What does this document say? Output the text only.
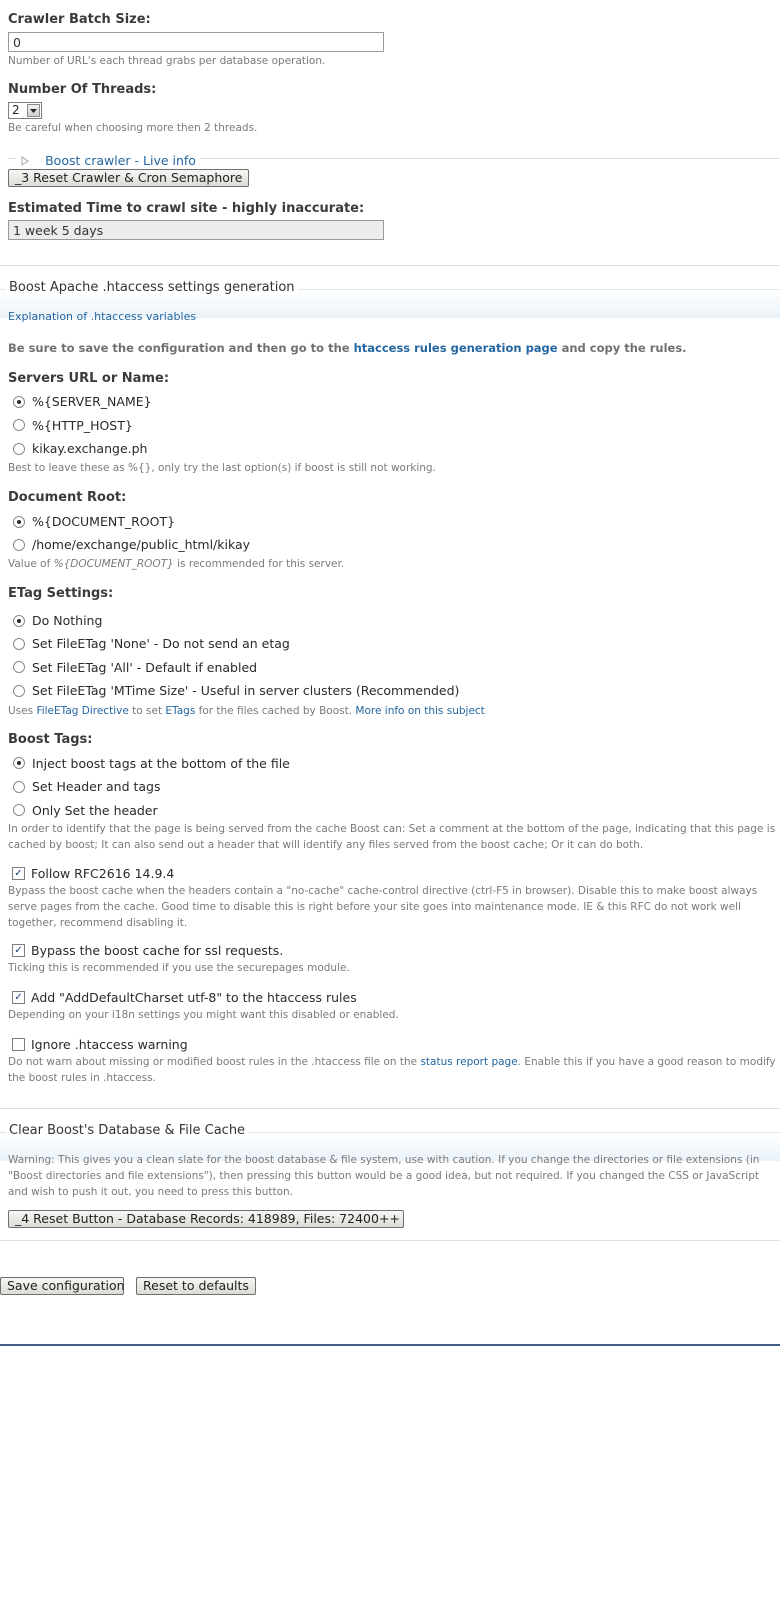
Crawler Batch Size:
0
Number of URL's each thread grabs per database operation.
Number Of Threads:
2
Be careful when choosing more then 2 threads.
Boost crawler - Live info
_3 Reset Crawler & Cron Semaphore
Estimated Time to crawl site - highly inaccurate:
1 week 5 days
Boost Apache .htaccess settings generation
Explanation of .htaccess variables
Be sure to save the configuration and then go to the htaccess rules generation page and copy the rules.
Servers URL or Name:
%{SERVER_NAME}
%{HTTP_HOST}
kikay.exchange.ph
Best to leave these as %{}, only try the last option(s) if boost is still not working.
Document Root:
%{DOCUMENT_ROOT}
/home/exchange/public_html/kikay
Value of %{DOCUMENT_ROOT} is recommended for this server.
ETag Settings:
Do Nothing
Set FileETag 'None' - Do not send an etag
Set FileETag 'All' - Default if enabled
Set FileETag 'MTime Size' - Useful in server clusters (Recommended)
Uses FileETag Directive to set ETags for the files cached by Boost. More info on this subject
Boost Tags:
Inject boost tags at the bottom of the file
Set Header and tags
Only Set the header
In order to identify that the page is being served from the cache Boost can: Set a comment at the bottom of the page, indicating that this page is cached by boost; It can also send out a header that will identify any files served from the boost cache; Or it can do both.
✓ Follow RFC2616 14.9.4
Bypass the boost cache when the headers contain a "no-cache" cache-control directive (ctrl-F5 in browser). Disable this to make boost always serve pages from the cache. Good time to disable this is right before your site goes into maintenance mode. IE & this RFC do not work well together, recommend disabling it.
✓ Bypass the boost cache for ssl requests.
Ticking this is recommended if you use the securepages module.
✓ Add "AddDefaultCharset utf-8" to the htaccess rules
Depending on your i18n settings you might want this disabled or enabled.
Ignore .htaccess warning
Do not warn about missing or modified boost rules in the .htaccess file on the status report page. Enable this if you have a good reason to modify the boost rules in .htaccess.
Clear Boost's Database & File Cache
Warning: This gives you a clean slate for the boost database & file system, use with caution. If you change the directories or file extensions (in "Boost directories and file extensions"), then pressing this button would be a good idea, but not required. If you changed the CSS or JavaScript and wish to push it out, you need to press this button.
_4 Reset Button - Database Records: 418989, Files: 72400++
Save configuration	Reset to defaults
